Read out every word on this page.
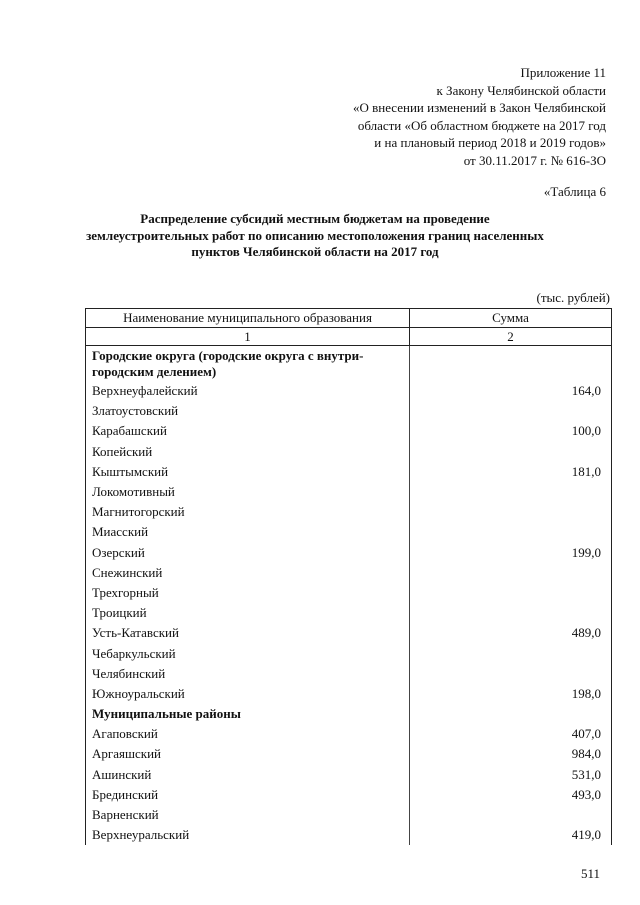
Приложение 11
к Закону Челябинской области
«О внесении изменений в Закон Челябинской
области «Об областном бюджете на 2017 год
и на плановый период 2018 и 2019 годов»
от 30.11.2017 г. № 616-ЗО
«Таблица 6
Распределение субсидий местным бюджетам на проведение землеустроительных работ по описанию местоположения границ населенных пунктов Челябинской области на 2017 год
(тыс. рублей)
Наименование муниципального образования	Сумма
1	2
Городские округа (городские округа с внутри-городским делением)	
Верхнеуфалейский	164,0
Златоустовский	
Карабашский	100,0
Копейский	
Кыштымский	181,0
Локомотивный	
Магнитогорский	
Миасский	
Озерский	199,0
Снежинский	
Трехгорный	
Троицкий	
Усть-Катавский	489,0
Чебаркульский	
Челябинский	
Южноуральский	198,0
Муниципальные районы	
Агаповский	407,0
Аргаяшский	984,0
Ашинский	531,0
Брединский	493,0
Варненский	
Верхнеуральский	419,0
511
